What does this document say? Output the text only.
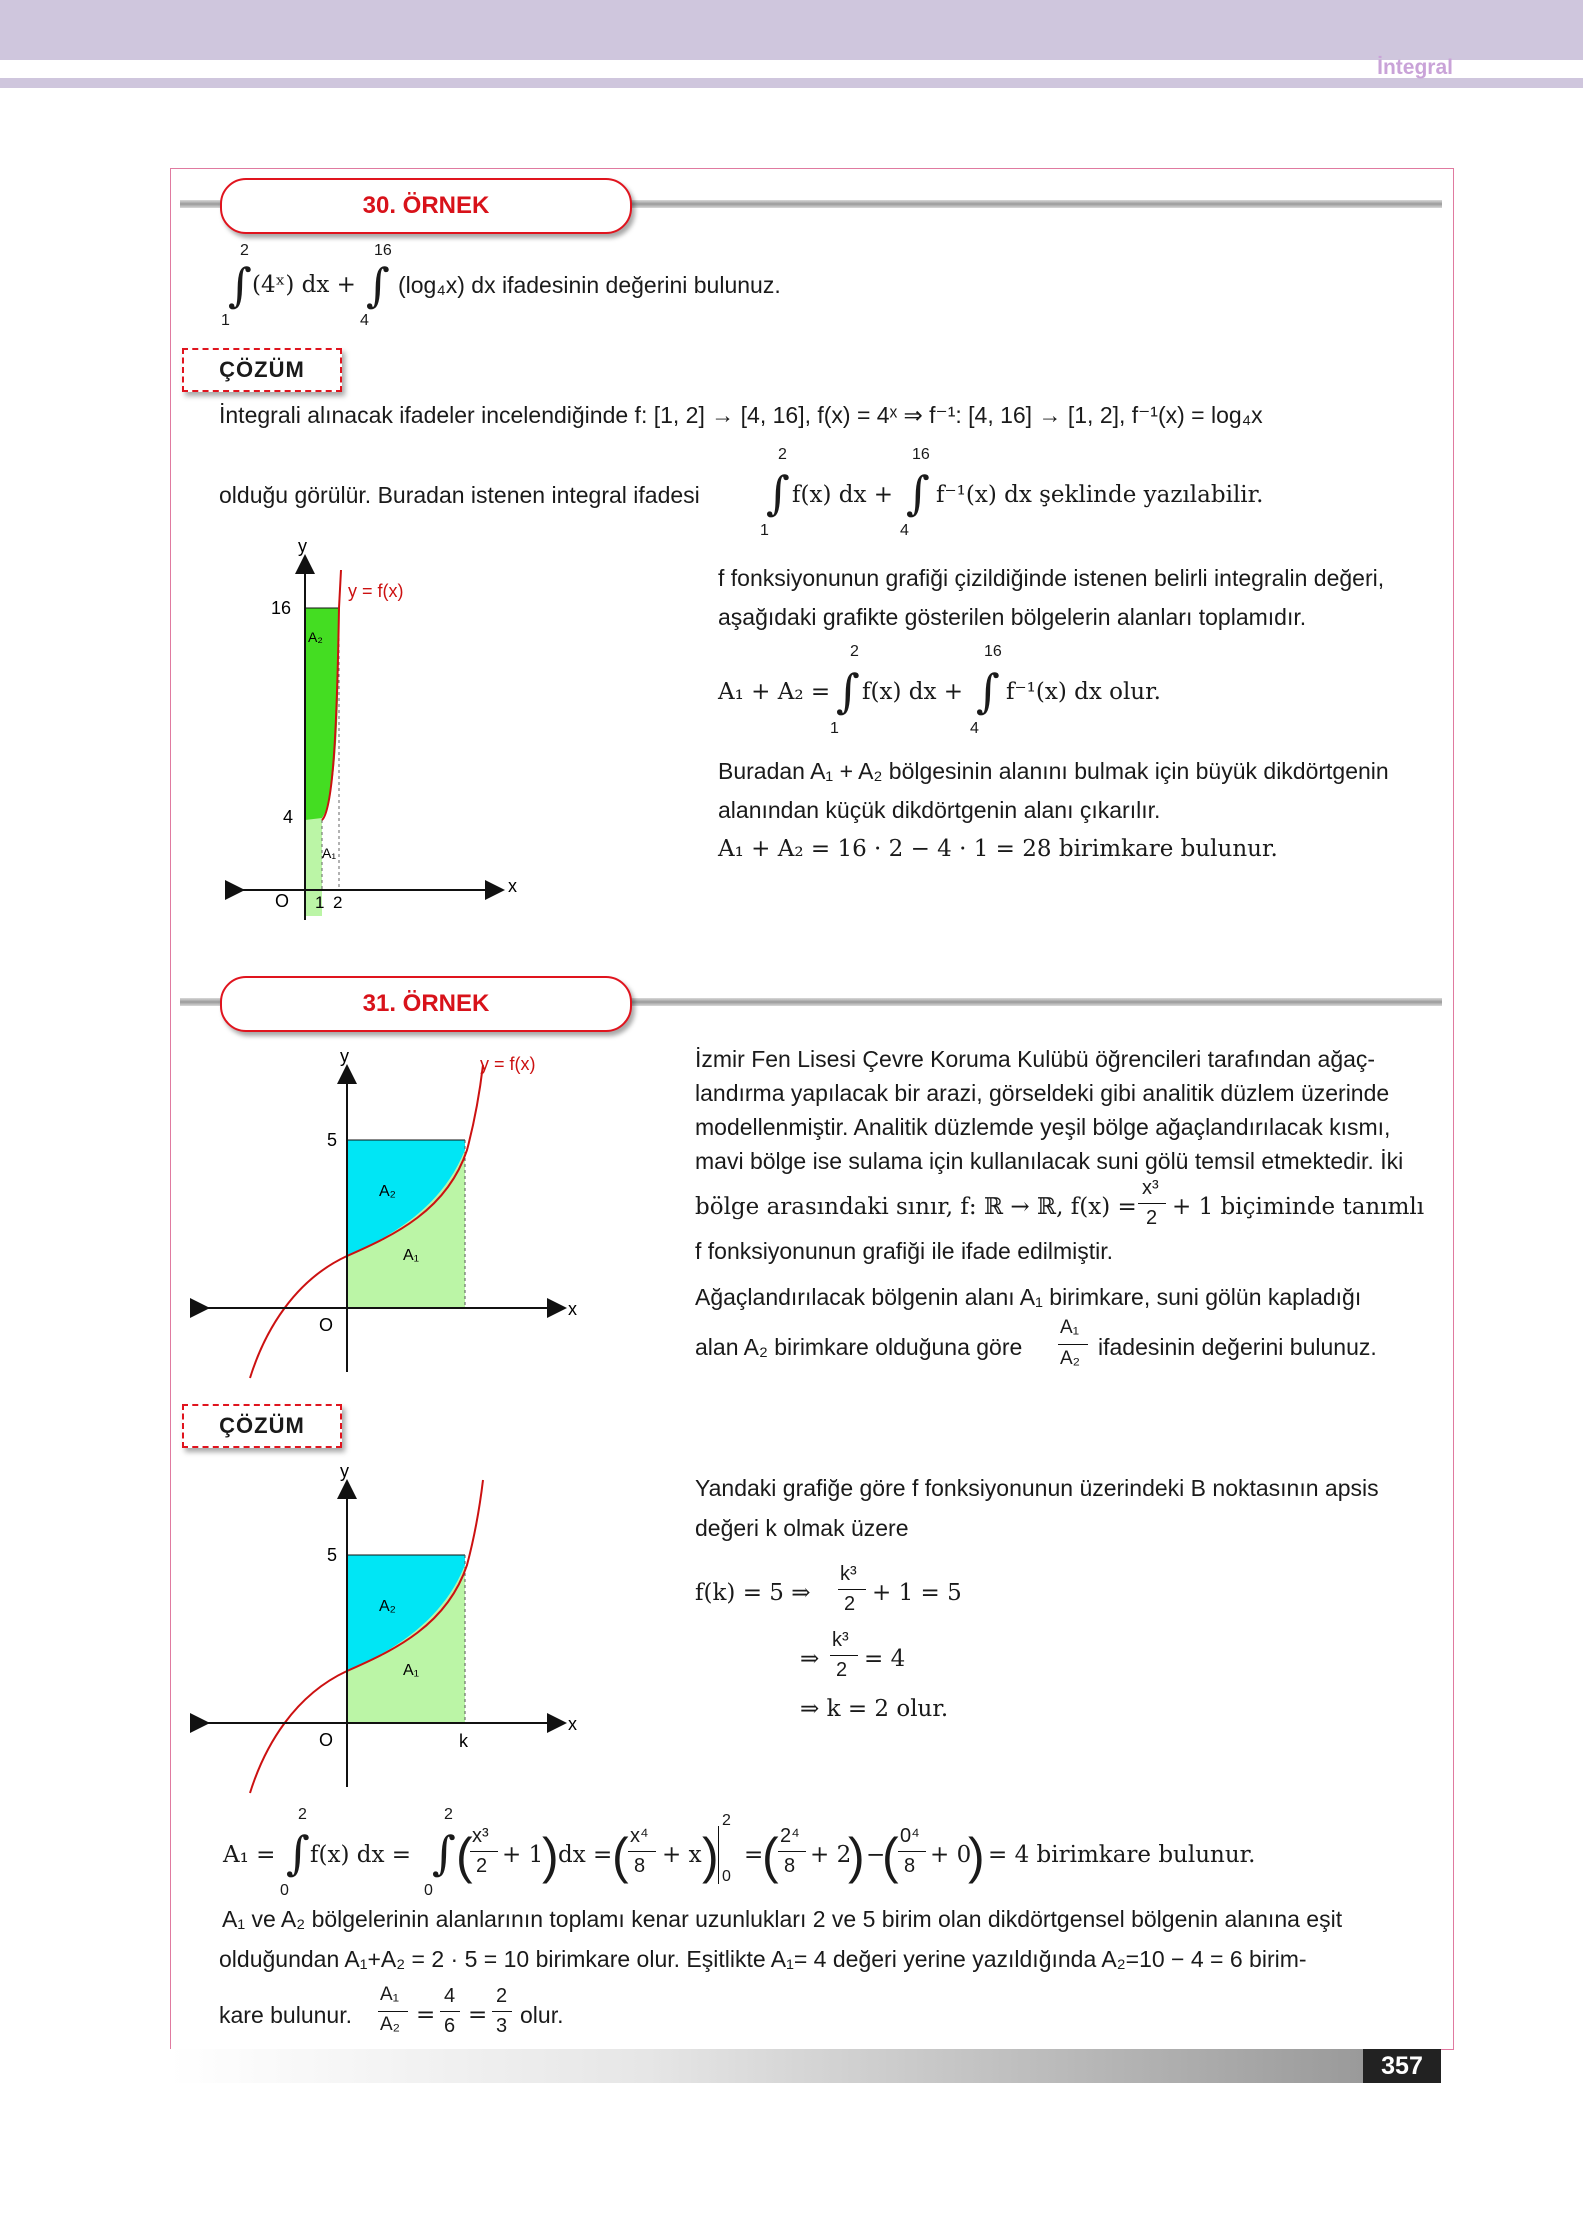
İntegral
30. ÖRNEK
2
∫
1
(4ˣ) dx +
16
∫
4
(log₄x) dx ifadesinin değerini bulunuz.
ÇÖZÜM
İntegrali alınacak ifadeler incelendiğinde f: [1, 2] → [4, 16], f(x) = 4ˣ ⇒ f⁻¹: [4, 16] → [1, 2], f⁻¹(x) = log₄x
olduğu görülür. Buradan istenen integral ifadesi
2
∫
1
f(x) dx +
16
∫
4
f⁻¹(x) dx şeklinde yazılabilir.
y
x
O
16
4
1 2
A₂
A₁
y = f(x)	f fonksiyonunun grafiği çizildiğinde istenen belirli integralin değeri, aşağıdaki grafikte gösterilen bölgelerin alanları toplamıdır.
A₁ + A₂ =
2
∫
1
f(x) dx +
16
∫
4
f⁻¹(x) dx olur.
Buradan A₁ + A₂ bölgesinin alanını bulmak için büyük dikdörtgenin alanından küçük dikdörtgenin alanı çıkarılır.
A₁ + A₂ = 16 · 2 − 4 · 1 = 28 birimkare bulunur.
31. ÖRNEK
y
x
O
5
A₂
A₁
y = f(x)	İzmir Fen Lisesi Çevre Koruma Kulübü öğrencileri tarafından ağaç-
landırma yapılacak bir arazi, görseldeki gibi analitik düzlem üzerinde
modellenmiştir. Analitik düzlemde yeşil bölge ağaçlandırılacak kısmı,
mavi bölge ise sulama için kullanılacak suni gölü temsil etmektedir. İki
bölge arasındaki sınır, f: ℝ → ℝ, f(x) =
x³
2 + 1 biçiminde tanımlı
f fonksiyonunun grafiği ile ifade edilmiştir.
Ağaçlandırılacak bölgenin alanı A₁ birimkare, suni gölün kapladığı
alan A₂ birimkare olduğuna göre
A₁
A₂ ifadesinin değerini bulunuz.
ÇÖZÜM
y
x
O
5
k
A₂
A₁
Yandaki grafiğe göre f fonksiyonunun üzerindeki B noktasının apsis
değeri k olmak üzere
f(k) = 5 ⇒
k³
2 + 1 = 5
⇒
k³
2 = 4
⇒ k = 2 olur.
A₁ =
2
∫
0
f(x) dx =
2
∫
0
( x³
2 + 1
) dx = ( x⁴
8 + x )
2
0
=
( 2⁴
8 + 2
) −
( 0⁴
8 + 0
) = 4 birimkare bulunur.
A₁ ve A₂ bölgelerinin alanlarının toplamı kenar uzunlukları 2 ve 5 birim olan dikdörtgensel bölgenin alanına eşit
olduğundan A₁+A₂ = 2 · 5 = 10 birimkare olur. Eşitlikte A₁= 4 değeri yerine yazıldığında A₂=10 − 4 = 6 birim-
kare bulunur.
A₁
A₂ =
4
6 =
2
3 olur.
357
